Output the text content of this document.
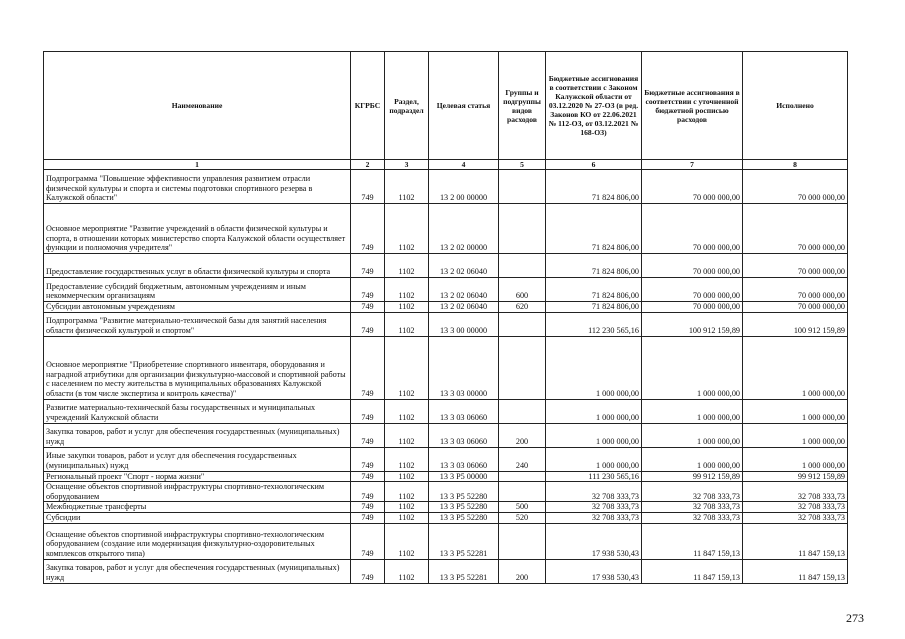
Наименование	КГРБС	Раздел, подраздел	Целевая статья	Группы и подгруппы видов расходов	Бюджетные ассигнования в соответствии с Законом Калужской области от 03.12.2020 № 27-ОЗ (в ред. Законов КО от 22.06.2021 № 112-ОЗ, от 03.12.2021 № 168-ОЗ)	Бюджетные ассигнования в соответствии с уточненной бюджетной росписью расходов	Исполнено
1	2	3	4	5	6	7	8
Подпрограмма "Повышение эффективности управления развитием отрасли физической культуры и спорта и системы подготовки спортивного резерва в Калужской области"	749	1102	13 2 00 00000		71 824 806,00	70 000 000,00	70 000 000,00
Основное мероприятие "Развитие учреждений в области физической культуры и спорта, в отношении которых министерство спорта Калужской области осуществляет функции и полномочия учредителя"	749	1102	13 2 02 00000		71 824 806,00	70 000 000,00	70 000 000,00
Предоставление государственных услуг в области физической культуры и спорта	749	1102	13 2 02 06040		71 824 806,00	70 000 000,00	70 000 000,00
Предоставление субсидий бюджетным, автономным учреждениям и иным некоммерческим организациям	749	1102	13 2 02 06040	600	71 824 806,00	70 000 000,00	70 000 000,00
Субсидии автономным учреждениям	749	1102	13 2 02 06040	620	71 824 806,00	70 000 000,00	70 000 000,00
Подпрограмма "Развитие материально-технической базы для занятий населения области физической культурой и спортом"	749	1102	13 3 00 00000		112 230 565,16	100 912 159,89	100 912 159,89
Основное мероприятие "Приобретение спортивного инвентаря, оборудования и наградной атрибутики для организации физкультурно-массовой и спортивной работы с населением по месту жительства в муниципальных образованиях Калужской области (в том числе экспертиза и контроль качества)"	749	1102	13 3 03 00000		1 000 000,00	1 000 000,00	1 000 000,00
Развитие материально-технической базы государственных и муниципальных учреждений Калужской области	749	1102	13 3 03 06060		1 000 000,00	1 000 000,00	1 000 000,00
Закупка товаров, работ и услуг для обеспечения государственных (муниципальных) нужд	749	1102	13 3 03 06060	200	1 000 000,00	1 000 000,00	1 000 000,00
Иные закупки товаров, работ и услуг для обеспечения государственных (муниципальных) нужд	749	1102	13 3 03 06060	240	1 000 000,00	1 000 000,00	1 000 000,00
Региональный проект "Спорт - норма жизни"	749	1102	13 3 P5 00000		111 230 565,16	99 912 159,89	99 912 159,89
Оснащение объектов спортивной инфраструктуры спортивно-технологическим оборудованием	749	1102	13 3 P5 52280		32 708 333,73	32 708 333,73	32 708 333,73
Межбюджетные трансферты	749	1102	13 3 P5 52280	500	32 708 333,73	32 708 333,73	32 708 333,73
Субсидии	749	1102	13 3 P5 52280	520	32 708 333,73	32 708 333,73	32 708 333,73
Оснащение объектов спортивной инфраструктуры спортивно-технологическим оборудованием (создание или модернизация физкультурно-оздоровительных комплексов открытого типа)	749	1102	13 3 P5 52281		17 938 530,43	11 847 159,13	11 847 159,13
Закупка товаров, работ и услуг для обеспечения государственных (муниципальных) нужд	749	1102	13 3 P5 52281	200	17 938 530,43	11 847 159,13	11 847 159,13
273
